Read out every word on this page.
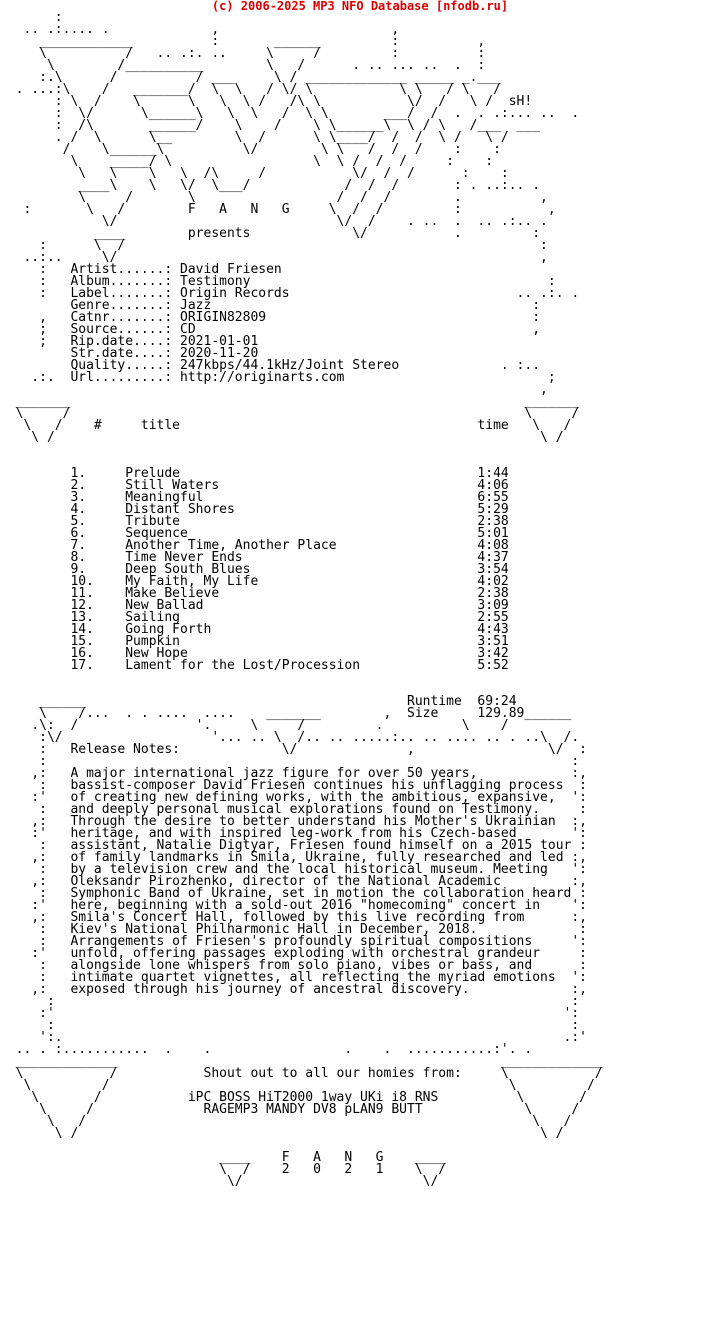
(c) 2006-2025 MP3 NFO Database [nfodb.ru]
:
.. .:.... .             ,                      ,
____________          :       ______         :          ,
\          /   .. .:. ..     \     /         :          :
\        /__________        \   /      . .. ... ..  .  :
:.\      /          / ___     \ / _____________ _____ _.___
. ...:\    /   _______/  \  \   / \/ \           \ \   / \   /
: \  /    \      \   \  \ /   /\ \           \/  /   \ /  sH!
:  \/      \______\   \  \   /  \ \       ___/  /  .  . .:... ..  .
:  /\       ______/    \    /    \ \______\  \ / \   /___  ___
. /  \      \__        \  /      \ \____/  /  /  \ /   \ /
/    \______\          \/        \ \   /  /  /    :    :
\    _____/ \                  \  \ /  /  /     :    :
\   \    \   \  /\     /           \/  /  /      :    :
____\    \   \/  \___/            /  /  /       : . ..:.. .
\     /       \                  /  /  /        .          ,
:       \   /        F   A   N   G     \  /  /         :           ,
\/                            \/  /    . ..  .  .. .:.. .
____        presents             \/           .         :
:      \  /                                                     :
..:..     \/                                                      ,
:   Artist......: David Friesen
:   Album.......: Testimony                                      :
:   Label.......: Origin Records                             .. .:. .
Genre.......: Jazz                                         :
,   Catnr.......: ORIGIN82809                                  :
;   Source......: CD                                           ,
;   Rip.date....: 2021-01-01
Str.date....: 2020-11-20
Quality.....: 247kbps/44.1kHz/Joint Stereo             . :..
.:.  Url.........: http://originarts.com                          ;
,
_______                                                          _______
\     /                                                          \     /
\   /    #     title                                      time   \   /
\ /                                                              \ /

1.     Prelude                                      1:44
2.     Still Waters                                 4:06
3.     Meaningful                                   6:55
4.     Distant Shores                               5:29
5.     Tribute                                      2:38
6.     Sequence                                     5:01
7.     Another Time, Another Place                  4:08
8.     Time Never Ends                              4:37
9.     Deep South Blues                             3:54
10.    My Faith, My Life                            4:02
11.    Make Believe                                 2:38
12.    New Ballad                                   3:09
13.    Sailing                                      2:55
14.    Going Forth                                  4:43
15.    Pumpkin                                      3:51
16.    New Hope                                     3:42
17.    Lament for the Lost/Procession               5:52

______                                         Runtime  69:24
\    /...  . . ....  ....    _______        ,  Size     129.89______
.\:  /               '.     \     /         .          \    /
:\/                   '... .. \  /.. .. .....:.. .. .... .. . ..\  /.
:   Release Notes:             \/              ,                 \/  :
:                                                                   :
,:   A major international jazz figure for over 50 years,            :,
:   bassist-composer David Friesen continues his unflagging process  :
:'   of creating new defining works, with the ambitious, expansive,  ':
:   and deeply personal musical explorations found on Testimony.     :
,:   Through the desire to better understand his Mother's Ukrainian  :,
:'   heritage, and with inspired leg-work from his Czech-based       ':
:   assistant, Natalie Digtyar, Friesen found himself on a 2015 tour :
,:   of family landmarks in Smila, Ukraine, fully researched and led :,
:   by a television crew and the local historical museum. Meeting   ':
,:   Oleksandr Pirozhenko, director of the National Academic         :,
:   Symphonic Band of Ukraine, set in motion the collaboration heard :
:'   here, beginning with a sold-out 2016 "homecoming" concert in    ':
,:   Smila's Concert Hall, followed by this live recording from      :,
:   Kiev's National Philharmonic Hall in December, 2018.             :
:   Arrangements of Friesen's profoundly spiritual compositions     ':
:'   unfold, offering passages exploding with orchestral grandeur     :
:   alongside lone whispers from solo piano, vibes or bass, and      :
:   intimate quartet vignettes, all reflecting the myriad emotions  ':
,:   exposed through his journey of ancestral discovery.             :,
:                                                                  :
:'                                                                 ':
:                                                                  :
':.                                                                .:'
.. . :...........  .    .                 .    .  ...........:'. .
_____________                                                 _____________
\           /           Shout out to all our homies from:     \           /
\         /                                                   \         /
\       /           iPC BOSS HiT2000 1way UKi i8 RNS          \       /
\     /              RAGEMP3 MANDY DV8 pLAN9 BUTT             \     /
\   /                                                         \   /
\ /                                                           \ /

____    F   A   N   G    ____
\  /    2   0   2   1    \  /
\/                       \/
